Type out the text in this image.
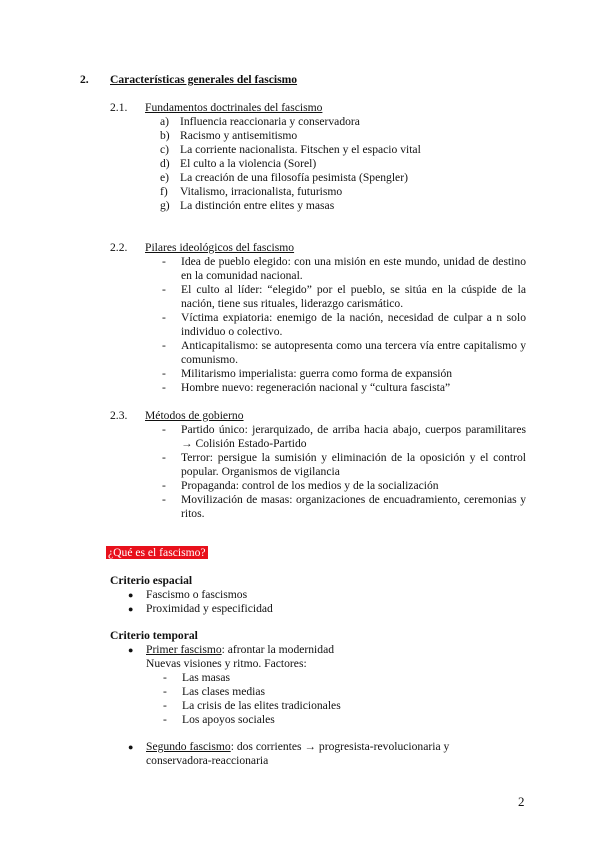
2. Características generales del fascismo
2.1. Fundamentos doctrinales del fascismo
a) Influencia reaccionaria y conservadora
b) Racismo y antisemitismo
c) La corriente nacionalista. Fitschen y el espacio vital
d) El culto a la violencia (Sorel)
e) La creación de una filosofía pesimista (Spengler)
f) Vitalismo, irracionalista, futurismo
g) La distinción entre elites y masas
2.2. Pilares ideológicos del fascismo
- Idea de pueblo elegido: con una misión en este mundo, unidad de destino en la comunidad nacional.
- El culto al líder: “elegido” por el pueblo, se sitúa en la cúspide de la nación, tiene sus rituales, liderazgo carismático.
- Víctima expiatoria: enemigo de la nación, necesidad de culpar a n solo individuo o colectivo.
- Anticapitalismo: se autopresenta como una tercera vía entre capitalismo y comunismo.
- Militarismo imperialista: guerra como forma de expansión
- Hombre nuevo: regeneración nacional y “cultura fascista”
2.3. Métodos de gobierno
- Partido único: jerarquizado, de arriba hacia abajo, cuerpos paramilitares → Colisión Estado-Partido
- Terror: persigue la sumisión y eliminación de la oposición y el control popular. Organismos de vigilancia
- Propaganda: control de los medios y de la socialización
- Movilización de masas: organizaciones de encuadramiento, ceremonias y ritos.
¿Qué es el fascismo?
Criterio espacial
● Fascismo o fascismos
● Proximidad y especificidad
Criterio temporal
● Primer fascismo: afrontar la modernidad
Nuevas visiones y ritmo. Factores:
- Las masas
- Las clases medias
- La crisis de las elites tradicionales
- Los apoyos sociales
● Segundo fascismo: dos corrientes → progresista-revolucionaria y conservadora-reaccionaria
2
